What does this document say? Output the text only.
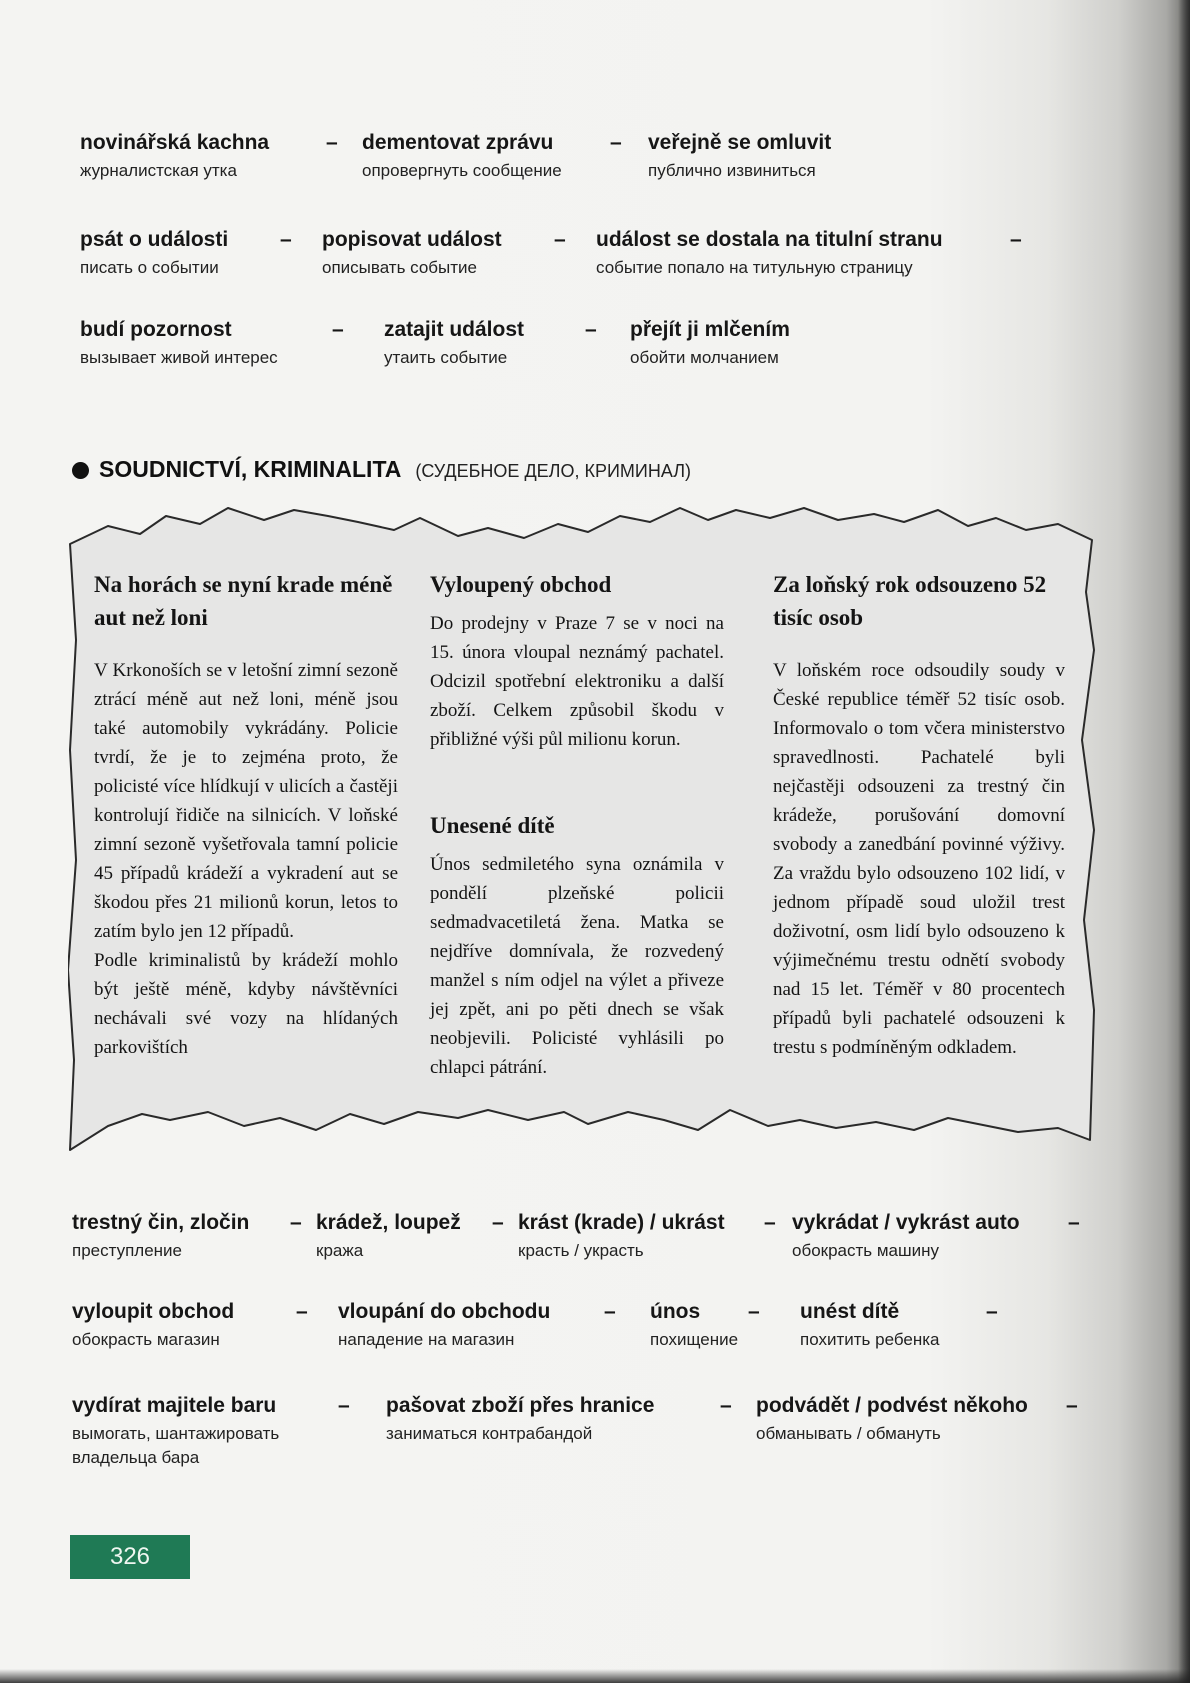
novinářská kachna
журналистская утка
– dementovat zprávu
опровергнуть сообщение
– veřejně se omluvit
публично извиниться
psát o události
писать о событии
– popisovat událost
описывать событие
– událost se dostala na titulní stranu
событие попало на титульную страницу
–
budí pozornost
вызывает живой интерес
– zatajit událost
утаить событие
– přejít ji mlčením
обойти молчанием
SOUDNICTVÍ, KRIMINALITA (СУДЕБНОЕ ДЕЛО, КРИМИНАЛ)
Na horách se nyní krade méně aut než loni

V Krkonoších se v letošní zimní sezoně ztrácí méně aut než loni, méně jsou také automobily vykrádány. Policie tvrdí, že je to zejména proto, že policisté více hlídkují v ulicích a častěji kontrolují řidiče na silnicích. V loňské zimní sezoně vyšetřovala tamní policie 45 případů krádeží a vykradení aut se škodou přes 21 milionů korun, letos to zatím bylo jen 12 případů.

Podle kriminalistů by krádeží mohlo být ještě méně, kdyby návštěvníci nechávali své vozy na hlídaných parkovištích

Vyloupený obchod

Do prodejny v Praze 7 se v noci na 15. února vloupal neznámý pachatel. Odcizil spotřební elektroniku a další zboží. Celkem způsobil škodu v přibližné výši půl milionu korun.

Unesené dítě

Únos sedmiletého syna oznámila v pondělí plzeňské policii sedmadvacetiletá žena. Matka se nejdříve domnívala, že rozvedený manžel s ním odjel na výlet a přiveze jej zpět, ani po pěti dnech se však neobjevili. Policisté vyhlásili po chlapci pátrání.

Za loňský rok odsouzeno 52 tisíc osob

V loňském roce odsoudily soudy v České republice téměř 52 tisíc osob. Informovalo o tom včera ministerstvo spravedlnosti. Pachatelé byli nejčastěji odsouzeni za trestný čin krádeže, porušování domovní svobody a zanedbání povinné výživy. Za vraždu bylo odsouzeno 102 lidí, v jednom případě soud uložil trest doživotní, osm lidí bylo odsouzeno k výjimečnému trestu odnětí svobody nad 15 let. Téměř v 80 procentech případů byli pachatelé odsouzeni k trestu s podmíněným odkladem.

trestný čin, zločin
преступление
– krádež, loupež
кража
– krást (krade) / ukrást
красть / украсть
– vykrádat / vykrást auto
обокрасть машину
–
vyloupit obchod
обокрасть магазин
– vloupání do obchodu
нападение на магазин
– únos
похищение
– unést dítě
похитить ребенка
–
vydírat majitele baru
вымогать, шантажировать
владельца бара
– pašovat zboží přes hranice
заниматься контрабандой
– podvádět / podvést někoho
обманывать / обмануть
–
326
